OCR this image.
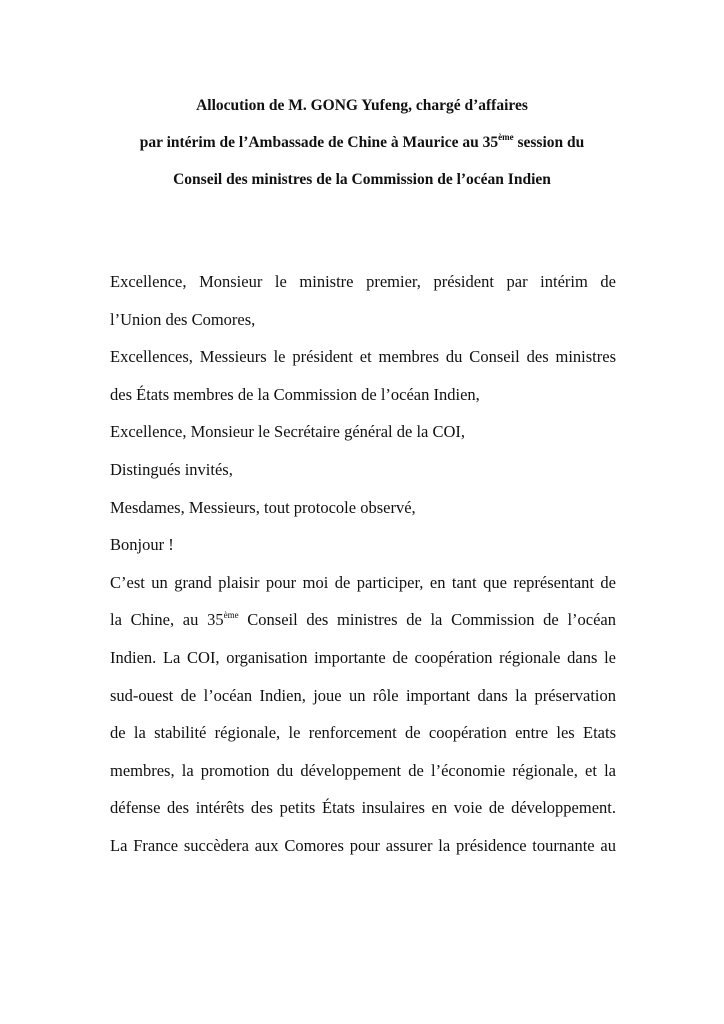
Allocution de M. GONG Yufeng, chargé d’affaires
par intérim de l’Ambassade de Chine à Maurice au 35ème session du
Conseil des ministres de la Commission de l’océan Indien
Excellence, Monsieur le ministre premier, président par intérim de
l’Union des Comores,
Excellences, Messieurs le président et membres du Conseil des ministres
des États membres de la Commission de l’océan Indien,
Excellence, Monsieur le Secrétaire général de la COI,
Distingués invités,
Mesdames, Messieurs, tout protocole observé,
Bonjour !
C’est un grand plaisir pour moi de participer, en tant que représentant de
la Chine, au 35ème Conseil des ministres de la Commission de l’océan
Indien. La COI, organisation importante de coopération régionale dans le
sud-ouest de l’océan Indien, joue un rôle important dans la préservation
de la stabilité régionale, le renforcement de coopération entre les Etats
membres, la promotion du développement de l’économie régionale, et la
défense des intérêts des petits États insulaires en voie de développement.
La France succèdera aux Comores pour assurer la présidence tournante au
